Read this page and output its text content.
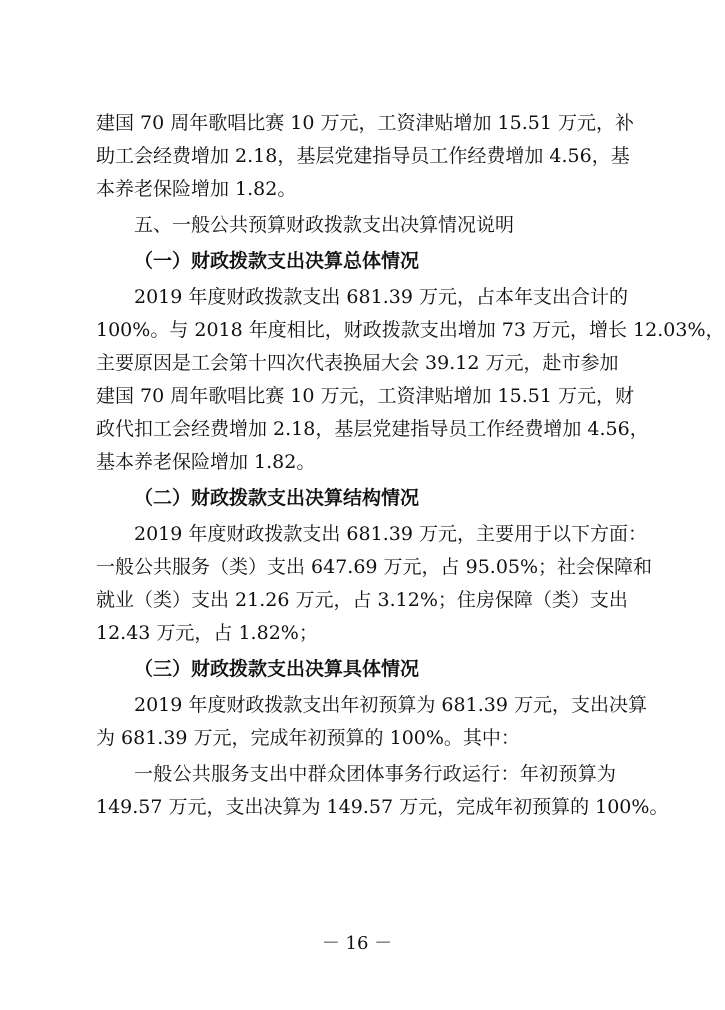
建国 70 周年歌唱比赛 10 万元，工资津贴增加 15.51 万元，补
助工会经费增加 2.18，基层党建指导员工作经费增加 4.56，基
本养老保险增加 1.82。
五、一般公共预算财政拨款支出决算情况说明
（一）财政拨款支出决算总体情况
2019 年度财政拨款支出 681.39 万元，占本年支出合计的
100%。与 2018 年度相比，财政拨款支出增加 73 万元，增长 12.03%，
主要原因是工会第十四次代表换届大会 39.12 万元，赴市参加
建国 70 周年歌唱比赛 10 万元，工资津贴增加 15.51 万元，财
政代扣工会经费增加 2.18，基层党建指导员工作经费增加 4.56，
基本养老保险增加 1.82。
（二）财政拨款支出决算结构情况
2019 年度财政拨款支出 681.39 万元，主要用于以下方面：
一般公共服务（类）支出 647.69 万元，占 95.05%；社会保障和
就业（类）支出 21.26 万元，占 3.12%；住房保障（类）支出
12.43 万元，占 1.82%；
（三）财政拨款支出决算具体情况
2019 年度财政拨款支出年初预算为 681.39 万元，支出决算
为 681.39 万元，完成年初预算的 100%。其中：
一般公共服务支出中群众团体事务行政运行：年初预算为
149.57 万元，支出决算为 149.57 万元，完成年初预算的 100%。
－ 16 －
